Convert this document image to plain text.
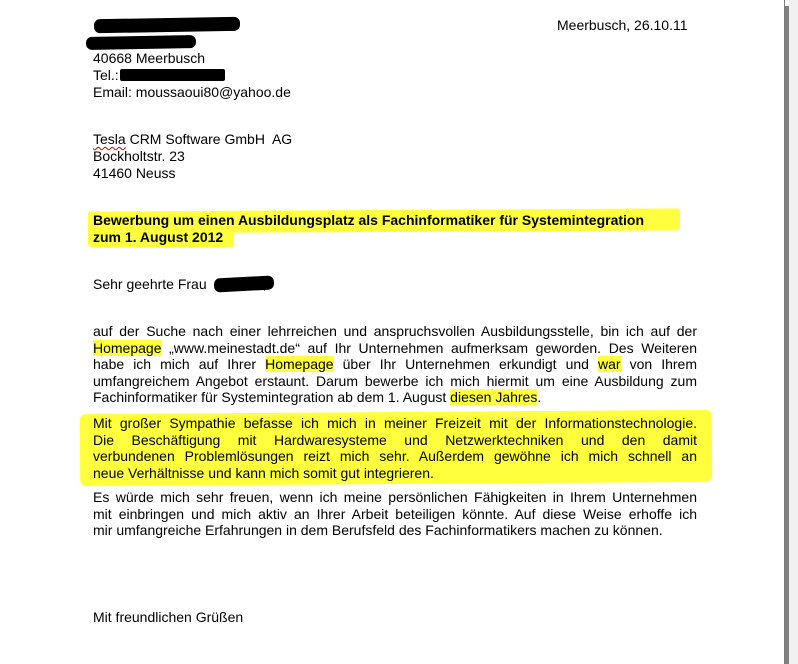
40668 Meerbusch
Tel.:
Email: moussaoui80@yahoo.de
Meerbusch, 26.10.11
Tesla CRM Software GmbH  AG
Bockholtstr. 23
41460 Neuss
Bewerbung um einen Ausbildungsplatz als Fachinformatiker für Systemintegration
zum 1. August 2012
Sehr geehrte Frau
auf der Suche nach einer lehrreichen und anspruchsvollen Ausbildungsstelle, bin ich auf der
Homepage „www.meinestadt.de“ auf Ihr Unternehmen aufmerksam geworden. Des Weiteren
habe ich mich auf Ihrer Homepage über Ihr Unternehmen erkundigt und war von Ihrem
umfangreichem Angebot erstaunt. Darum bewerbe ich mich hiermit um eine Ausbildung zum
Fachinformatiker für Systemintegration ab dem 1. August diesen Jahres.
Mit großer Sympathie befasse ich mich in meiner Freizeit mit der Informationstechnologie.
Die Beschäftigung mit Hardwaresysteme und Netzwerktechniken und den damit
verbundenen Problemlösungen reizt mich sehr. Außerdem gewöhne ich mich schnell an
neue Verhältnisse und kann mich somit gut integrieren.
Es würde mich sehr freuen, wenn ich meine persönlichen Fähigkeiten in Ihrem Unternehmen
mit einbringen und mich aktiv an Ihrer Arbeit beteiligen könnte. Auf diese Weise erhoffe ich
mir umfangreiche Erfahrungen in dem Berufsfeld des Fachinformatikers machen zu können.
Mit freundlichen Grüßen
